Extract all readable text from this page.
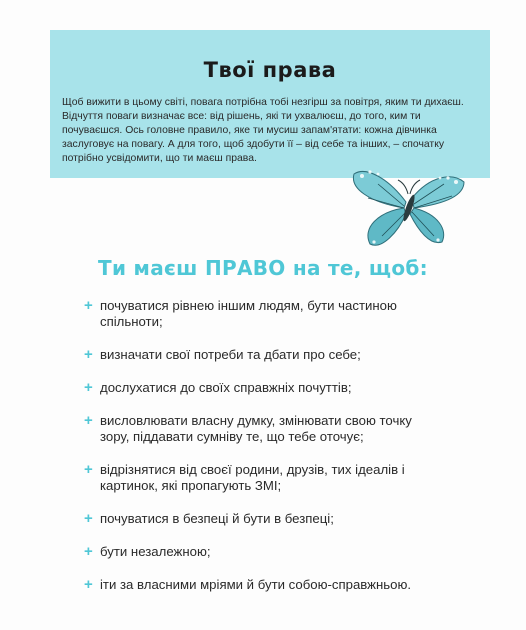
Твої права

Щоб вижити в цьому світі, повага потрібна тобі незгірш за повітря, яким ти дихаєш. Відчуття поваги визначає все: від рішень, які ти ухвалюєш, до того, ким ти почуваєшся. Ось головне правило, яке ти мусиш запам'ятати: кожна дівчинка заслуговує на повагу. А для того, щоб здобути її – від себе та інших, – спочатку потрібно усвідомити, що ти маєш права.

Ти маєш ПРАВО на те, щоб:
+ почуватися рівнею іншим людям, бути частиною спільноти;
+ визначати свої потреби та дбати про себе;
+ дослухатися до своїх справжніх почуттів;
+ висловлювати власну думку, змінювати свою точку зору, піддавати сумніву те, що тебе оточує;
+ відрізнятися від своєї родини, друзів, тих ідеалів і картинок, які пропагують ЗМІ;
+ почуватися в безпеці й бути в безпеці;
+ бути незалежною;
+ іти за власними мріями й бути собою-справжньою.
